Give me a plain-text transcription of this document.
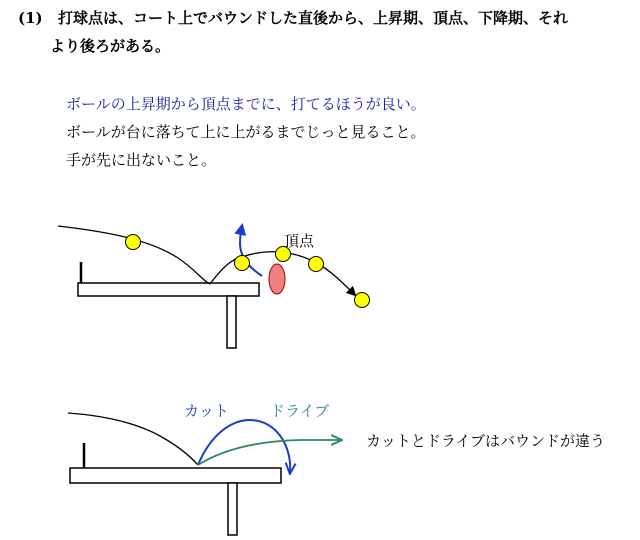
(1) 打球点は、コート上でバウンドした直後から、上昇期、頂点、下降期、それ
より後ろがある。
ボールの上昇期から頂点までに、打てるほうが良い。
ボールが台に落ちて上に上がるまでじっと見ること。
手が先に出ないこと。
頂点
カット	ドライブ
カットとドライブはバウンドが違う
